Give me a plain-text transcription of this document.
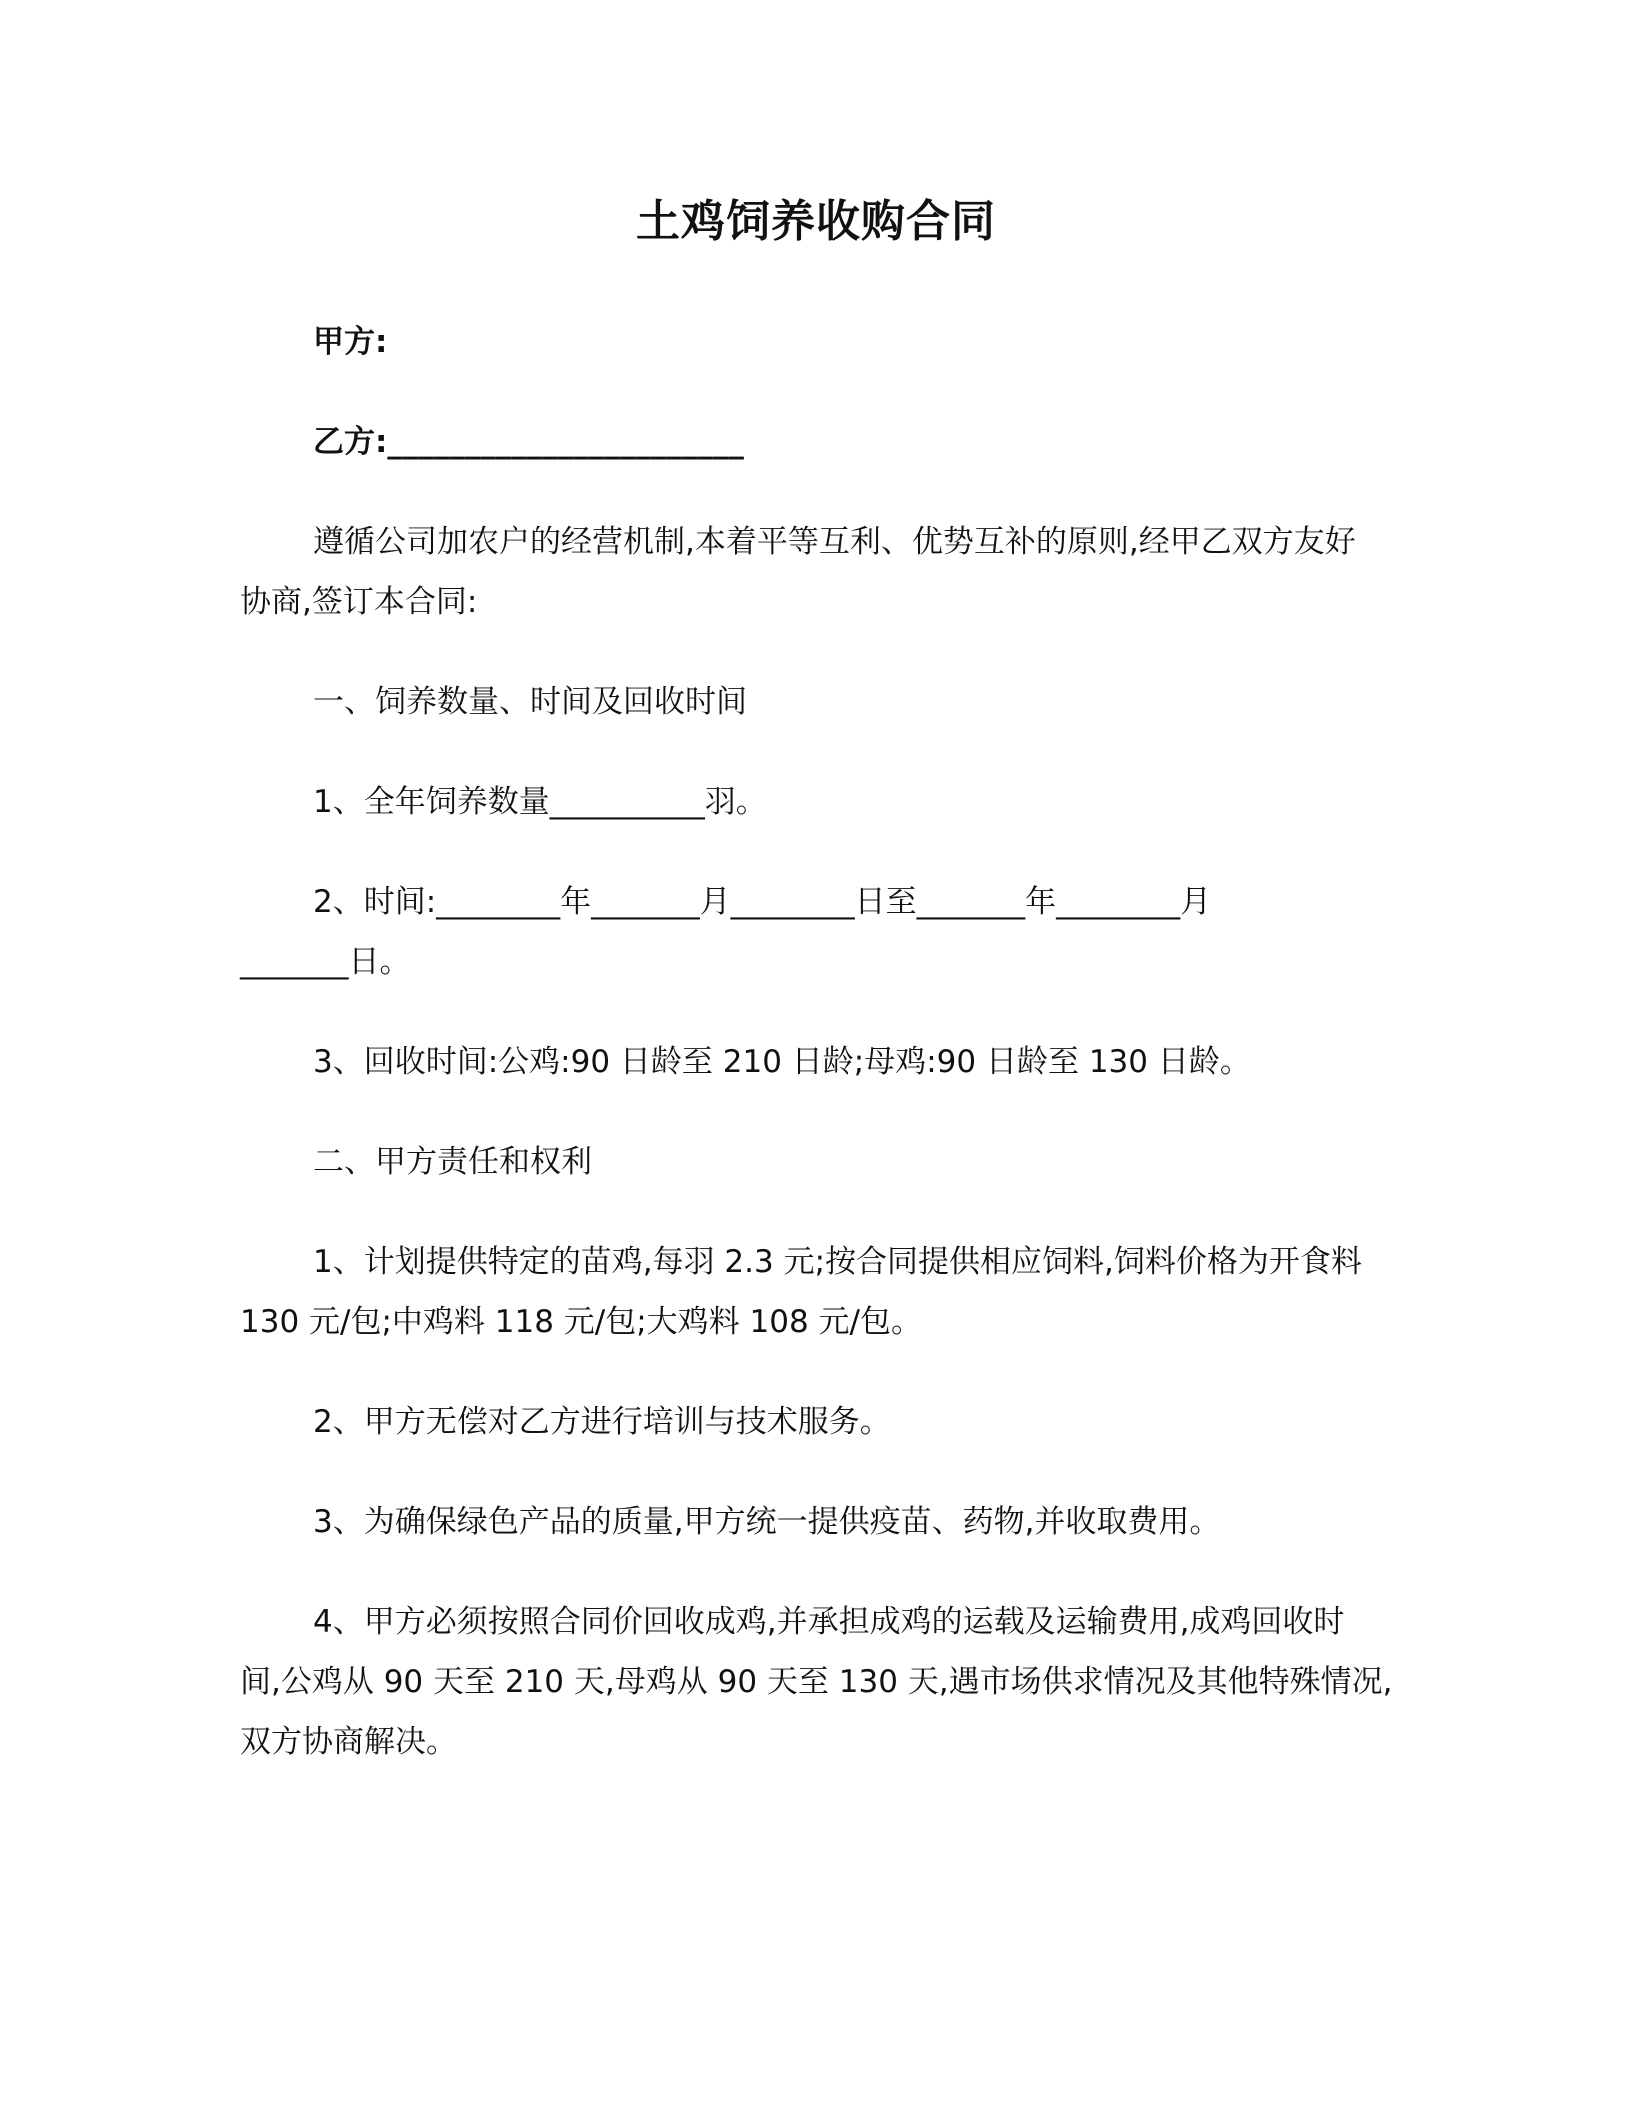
土鸡饲养收购合同
甲方:
乙方:_______________________
遵循公司加农户的经营机制,本着平等互利、优势互补的原则,经甲乙双方友好
协商,签订本合同:
一、饲养数量、时间及回收时间
1、全年饲养数量__________羽。
2、时间:________年_______月________日至_______年________月
_______日。
3、回收时间:公鸡:90 日龄至 210 日龄;母鸡:90 日龄至 130 日龄。
二、甲方责任和权利
1、计划提供特定的苗鸡,每羽 2.3 元;按合同提供相应饲料,饲料价格为开食料
130 元/包;中鸡料 118 元/包;大鸡料 108 元/包。
2、甲方无偿对乙方进行培训与技术服务。
3、为确保绿色产品的质量,甲方统一提供疫苗、药物,并收取费用。
4、甲方必须按照合同价回收成鸡,并承担成鸡的运载及运输费用,成鸡回收时
间,公鸡从 90 天至 210 天,母鸡从 90 天至 130 天,遇市场供求情况及其他特殊情况,
双方协商解决。
